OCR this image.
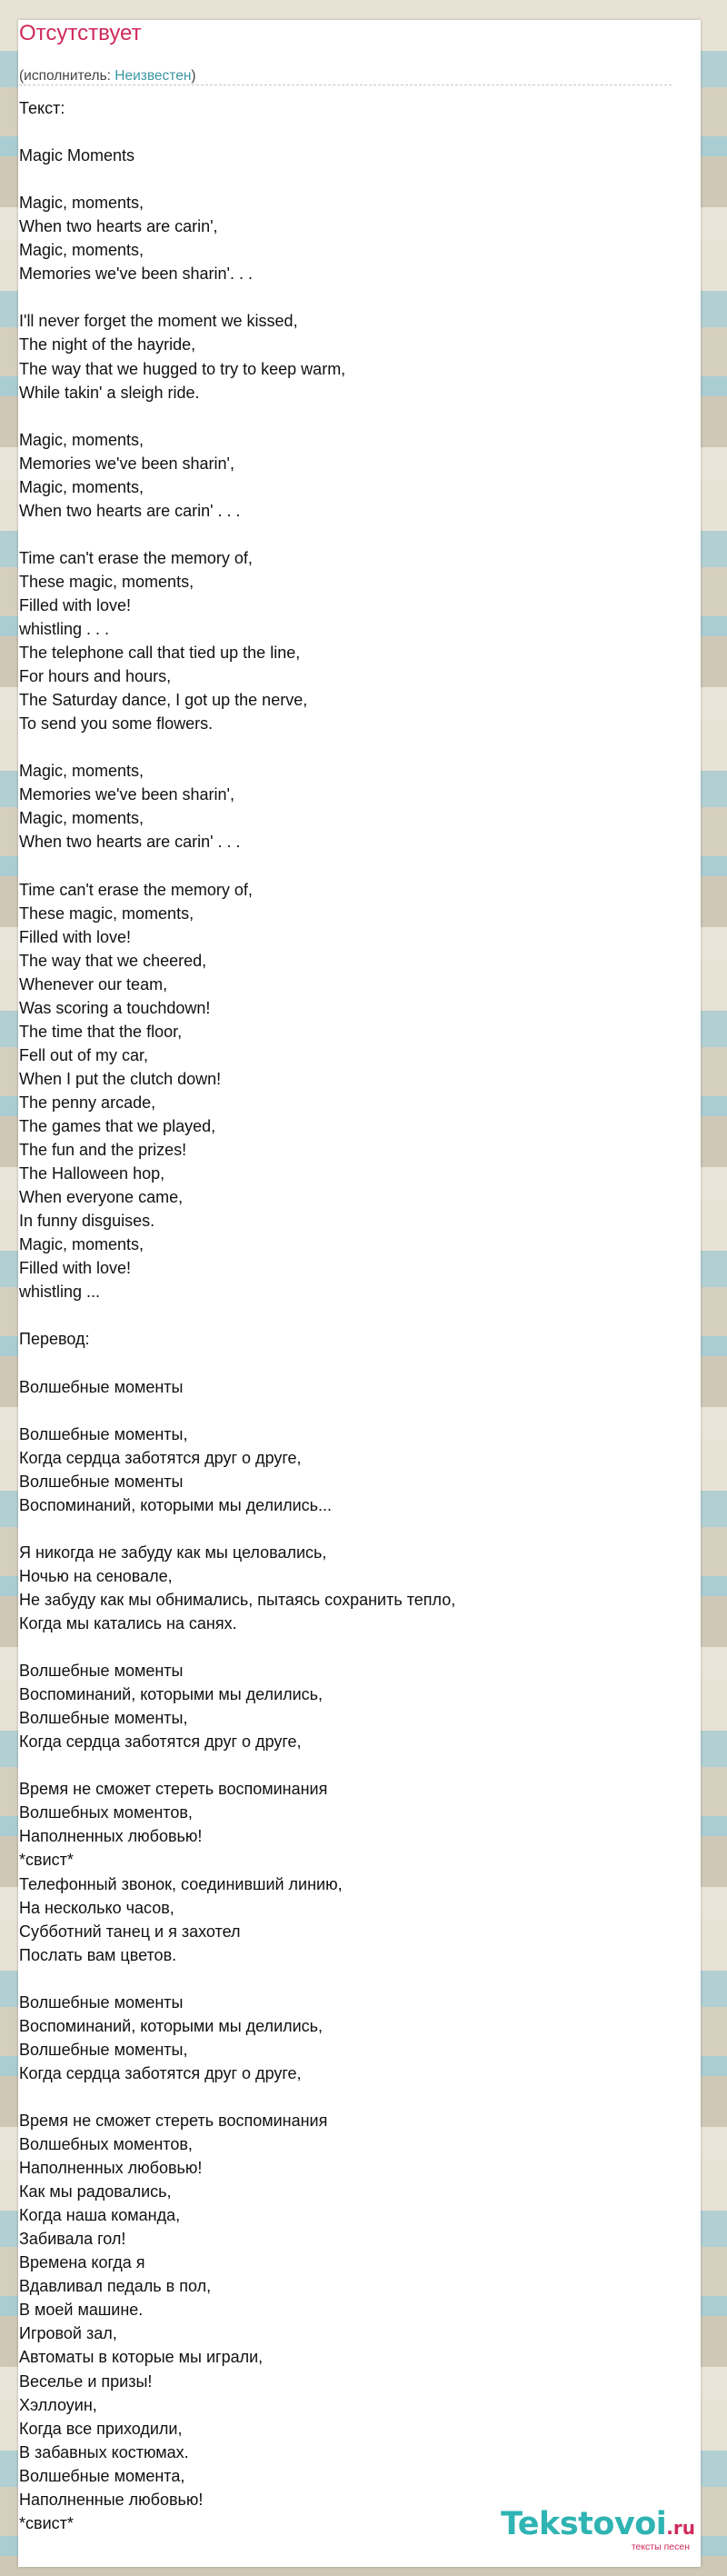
Отсутствует
(исполнитель: Неизвестен)
Текст:
Magic Moments
Magic, moments,
When two hearts are carin',
Magic, moments,
Memories we've been sharin'. . .
I'll never forget the moment we kissed,
The night of the hayride,
The way that we hugged to try to keep warm,
While takin' a sleigh ride.
Magic, moments,
Memories we've been sharin',
Magic, moments,
When two hearts are carin' . . .
Time can't erase the memory of,
These magic, moments,
Filled with love!
whistling . . .
The telephone call that tied up the line,
For hours and hours,
The Saturday dance, I got up the nerve,
To send you some flowers.
Magic, moments,
Memories we've been sharin',
Magic, moments,
When two hearts are carin' . . .
Time can't erase the memory of,
These magic, moments,
Filled with love!
The way that we cheered,
Whenever our team,
Was scoring a touchdown!
The time that the floor,
Fell out of my car,
When I put the clutch down!
The penny arcade,
The games that we played,
The fun and the prizes!
The Halloween hop,
When everyone came,
In funny disguises.
Magic, moments,
Filled with love!
whistling ...
Перевод:
Волшебные моменты
Волшебные моменты,
Когда сердца заботятся друг о друге,
Волшебные моменты
Воспоминаний, которыми мы делились...
Я никогда не забуду как мы целовались,
Ночью на сеновале,
Не забуду как мы обнимались, пытаясь сохранить тепло,
Когда мы катались на санях.
Волшебные моменты
Воспоминаний, которыми мы делились,
Волшебные моменты,
Когда сердца заботятся друг о друге,
Время не сможет стереть воспоминания
Волшебных моментов,
Наполненных любовью!
*свист*
Телефонный звонок, соединивший линию,
На несколько часов,
Субботний танец и я захотел
Послать вам цветов.
Волшебные моменты
Воспоминаний, которыми мы делились,
Волшебные моменты,
Когда сердца заботятся друг о друге,
Время не сможет стереть воспоминания
Волшебных моментов,
Наполненных любовью!
Как мы радовались,
Когда наша команда,
Забивала гол!
Времена когда я
Вдавливал педаль в пол,
В моей машине.
Игровой зал,
Автоматы в которые мы играли,
Веселье и призы!
Хэллоуин,
Когда все приходили,
В забавных костюмах.
Волшебные момента,
Наполненные любовью!
*свист*	Tekstovoi.ru
тексты песен
